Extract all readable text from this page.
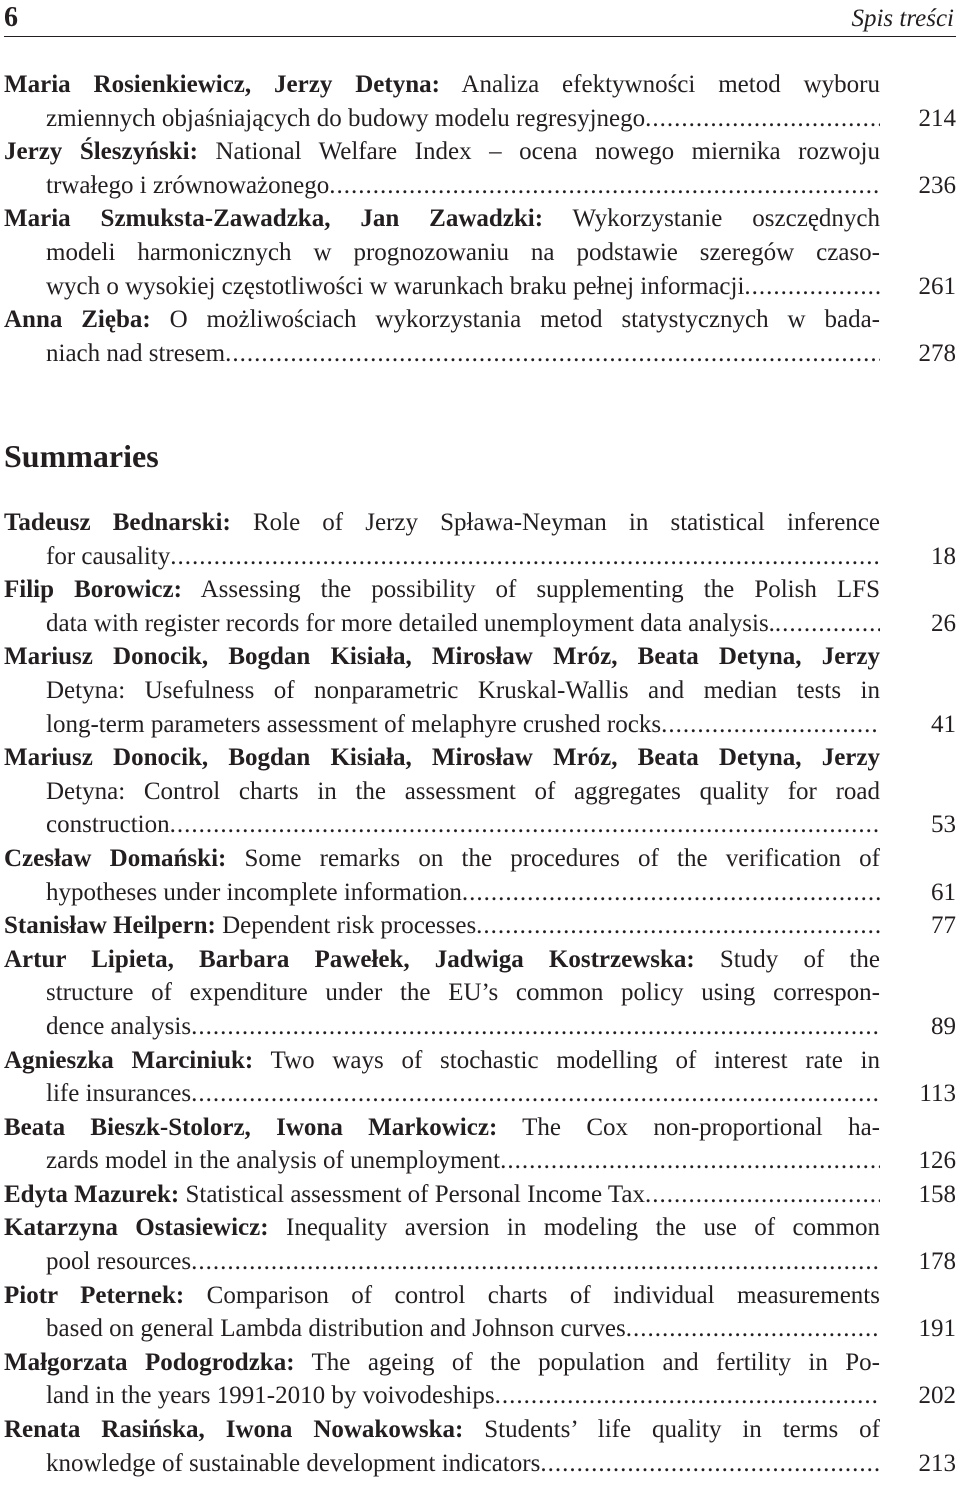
6	Spis treści
Maria Rosienkiewicz, Jerzy Detyna: Analiza efektywności metod wyboru
zmiennych objaśniających do budowy modelu regresyjnego .....	214
Jerzy Śleszyński: National Welfare Index – ocena nowego miernika rozwoju
trwałego i zrównoważonego .....	236
Maria Szmuksta-Zawadzka, Jan Zawadzki: Wykorzystanie oszczędnych
modeli harmonicznych w prognozowaniu na podstawie szeregów czaso-
wych o wysokiej częstotliwości w warunkach braku pełnej informacji .....	261
Anna Zięba: O możliwościach wykorzystania metod statystycznych w bada-
niach nad stresem .....	278
Summaries
Tadeusz Bednarski: Role of Jerzy Spława-Neyman in statistical inference
for causality .....	18
Filip Borowicz: Assessing the possibility of supplementing the Polish LFS
data with register records for more detailed unemployment data analysis. .....	26
Mariusz Donocik, Bogdan Kisiała, Mirosław Mróz, Beata Detyna, Jerzy
Detyna: Usefulness of nonparametric Kruskal-Wallis and median tests in
long-term parameters assessment of melaphyre crushed rocks .....	41
Mariusz Donocik, Bogdan Kisiała, Mirosław Mróz, Beata Detyna, Jerzy
Detyna: Control charts in the assessment of aggregates quality for road
construction .....	53
Czesław Domański: Some remarks on the procedures of the verification of
hypotheses under incomplete information .....	61
Stanisław Heilpern: Dependent risk processes .....	77
Artur Lipieta, Barbara Pawełek, Jadwiga Kostrzewska: Study of the
structure of expenditure under the EU’s common policy using correspon-
dence analysis .....	89
Agnieszka Marciniuk: Two ways of stochastic modelling of interest rate in
life insurances .....	113
Beata Bieszk-Stolorz, Iwona Markowicz: The Cox non-proportional ha-
zards model in the analysis of unemployment .....	126
Edyta Mazurek: Statistical assessment of Personal Income Tax .....	158
Katarzyna Ostasiewicz: Inequality aversion in modeling the use of common
pool resources .....	178
Piotr Peternek: Comparison of control charts of individual measurements
based on general Lambda distribution and Johnson curves .....	191
Małgorzata Podogrodzka: The ageing of the population and fertility in Po-
land in the years 1991-2010 by voivodeships .....	202
Renata Rasińska, Iwona Nowakowska: Students’ life quality in terms of
knowledge of sustainable development indicators .....	213
